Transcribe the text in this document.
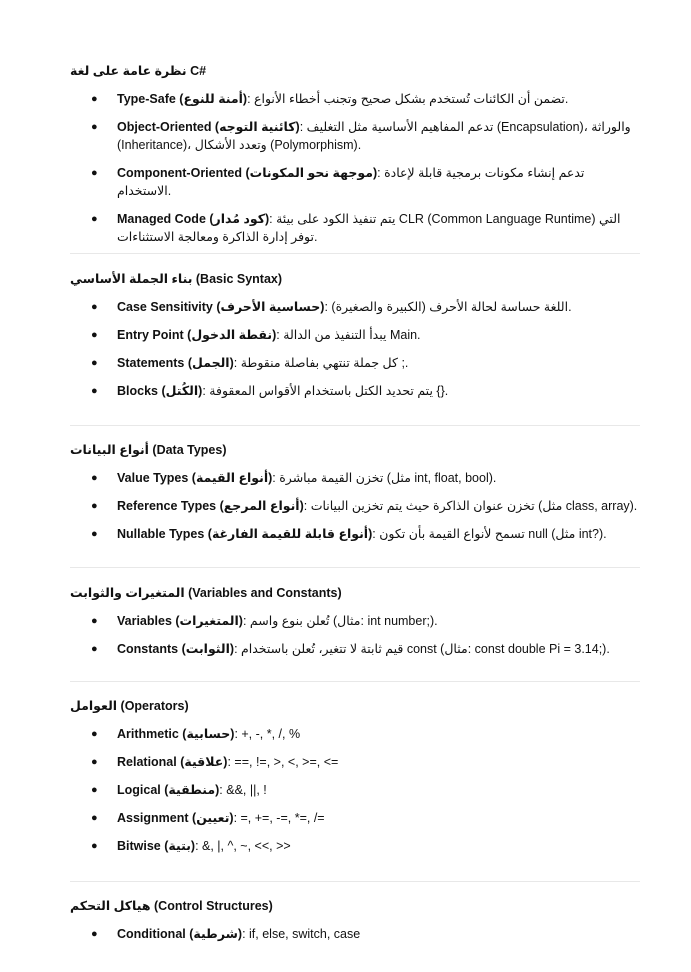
نظرة عامة على لغة C#
● Type-Safe (أمنة للنوع): تضمن أن الكائنات تُستخدم بشكل صحيح وتجنب أخطاء الأنواع.
● Object-Oriented (كائنية التوجه): تدعم المفاهيم الأساسية مثل التغليف (Encapsulation)، والوراثة (Inheritance)، وتعدد الأشكال (Polymorphism).
● Component-Oriented (موجهة نحو المكونات): تدعم إنشاء مكونات برمجية قابلة لإعادة الاستخدام.
● Managed Code (كود مُدار): يتم تنفيذ الكود على بيئة CLR (Common Language Runtime) التي توفر إدارة الذاكرة ومعالجة الاستثناءات.
بناء الجملة الأساسي (Basic Syntax)
● Case Sensitivity (حساسية الأحرف): اللغة حساسة لحالة الأحرف (الكبيرة والصغيرة).
● Entry Point (نقطة الدخول): يبدأ التنفيذ من الدالة Main.
● Statements (الجمل): كل جملة تنتهي بفاصلة منقوطة ;.
● Blocks (الكُتل): يتم تحديد الكتل باستخدام الأقواس المعقوفة {}.
أنواع البيانات (Data Types)
● Value Types (أنواع القيمة): تخزن القيمة مباشرة (مثل int, float, bool).
● Reference Types (أنواع المرجع): تخزن عنوان الذاكرة حيث يتم تخزين البيانات (مثل class, array).
● Nullable Types (أنواع قابلة للقيمة الفارغة): تسمح لأنواع القيمة بأن تكون null (مثل int?).
المتغيرات والثوابت (Variables and Constants)
● Variables (المتغيرات): تُعلن بنوع واسم (مثال: int number;).
● Constants (الثوابت): قيم ثابتة لا تتغير، تُعلن باستخدام const (مثال: const double Pi = 3.14;).
العوامل (Operators)
● Arithmetic (حسابية): +, -, *, /, %
● Relational (علاقية): ==, !=, >, <, >=, <=
● Logical (منطقية): &&, ||, !
● Assignment (تعيين): =, +=, -=, *=, /=
● Bitwise (بتية): &, |, ^, ~, <<, >>
هياكل التحكم (Control Structures)
● Conditional (شرطية): if, else, switch, case
